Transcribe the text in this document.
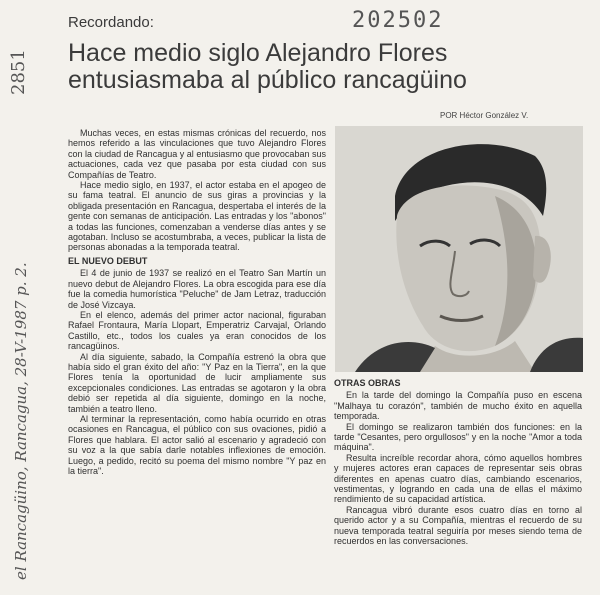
Recordando:	202502
Hace medio siglo Alejandro Flores entusiasmaba al público rancagüino
POR Héctor González V.
2851
el Rancagüino, Rancagua, 28-V-1987 p. 2.

Muchas veces, en estas mismas crónicas del recuerdo, nos hemos referido a las vinculaciones que tuvo Alejandro Flores con la ciudad de Rancagua y al entusiasmo que provocaban sus actuaciones, cada vez que pasaba por esta ciudad con sus Compañías de Teatro.

Hace medio siglo, en 1937, el actor estaba en el apogeo de su fama teatral. El anuncio de sus giras a provincias y la obligada presentación en Rancagua, despertaba el interés de la gente con semanas de anticipación. Las entradas y los "abonos" a todas las funciones, comenzaban a venderse días antes y se agotaban. Incluso se acostumbraba, a veces, publicar la lista de personas abonadas a la temporada teatral.

EL NUEVO DEBUT

El 4 de junio de 1937 se realizó en el Teatro San Martín un nuevo debut de Alejandro Flores. La obra escogida para ese día fue la comedia humorística "Peluche" de Jam Letraz, traducción de José Vizcaya.

En el elenco, además del primer actor nacional, figuraban Rafael Frontaura, María Llopart, Emperatriz Carvajal, Orlando Castillo, etc., todos los cuales ya eran conocidos de los rancagüinos.

Al día siguiente, sabado, la Compañía estrenó la obra que había sido el gran éxito del año: "Y Paz en la Tierra", en la que Flores tenía la oportunidad de lucir ampliamente sus excepcionales condiciones. Las entradas se agotaron y la obra debió ser repetida al día siguiente, domingo en la noche, también a teatro lleno.

Al terminar la representación, como había ocurrido en otras ocasiones en Rancagua, el público con sus ovaciones, pidió a Flores que hablara. El actor salió al escenario y agradeció con su voz a la que sabía darle notables inflexiones de emoción. Luego, a pedido, recitó su poema del mismo nombre "Y paz en la tierra".

OTRAS OBRAS

En la tarde del domingo la Compañía puso en escena "Malhaya tu corazón", también de mucho éxito en aquella temporada.

El domingo se realizaron también dos funciones: en la tarde "Cesantes, pero orgullosos" y en la noche "Amor a toda máquina".

Resulta increíble recordar ahora, cómo aquellos hombres y mujeres actores eran capaces de representar seis obras diferentes en apenas cuatro días, cambiando escenarios, vestimentas, y logrando en cada una de ellas el máximo rendimiento de su capacidad artística.

Rancagua vibró durante esos cuatro días en torno al querido actor y a su Compañía, mientras el recuerdo de su nueva temporada teatral seguiría por meses siendo tema de recuerdos en las conversaciones.
